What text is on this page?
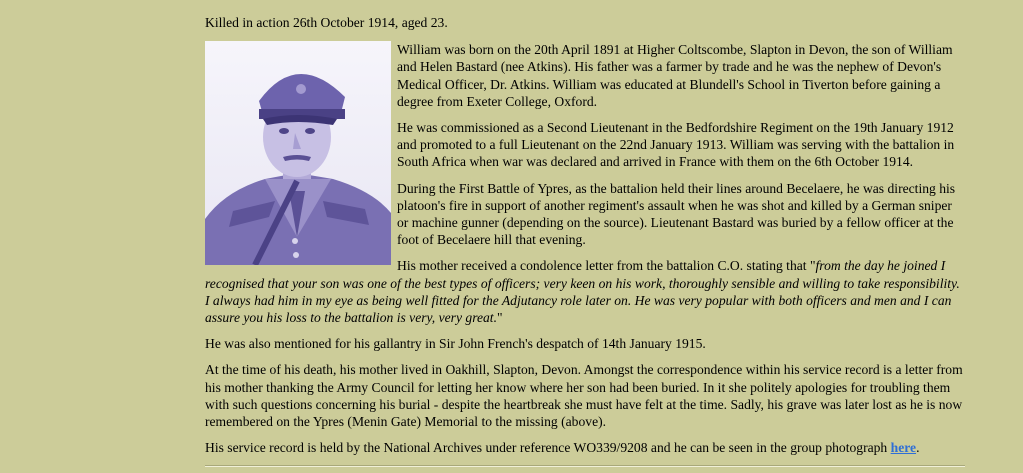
Killed in action 26th October 1914, aged 23.

William was born on the 20th April 1891 at Higher Coltscombe, Slapton in Devon, the son of William and Helen Bastard (nee Atkins). His father was a farmer by trade and he was the nephew of Devon's Medical Officer, Dr. Atkins. William was educated at Blundell's School in Tiverton before gaining a degree from Exeter College, Oxford.

He was commissioned as a Second Lieutenant in the Bedfordshire Regiment on the 19th January 1912 and promoted to a full Lieutenant on the 22nd January 1913. William was serving with the battalion in South Africa when war was declared and arrived in France with them on the 6th October 1914.

During the First Battle of Ypres, as the battalion held their lines around Becelaere, he was directing his platoon's fire in support of another regiment's assault when he was shot and killed by a German sniper or machine gunner (depending on the source). Lieutenant Bastard was buried by a fellow officer at the foot of Becelaere hill that evening.

His mother received a condolence letter from the battalion C.O. stating that "from the day he joined I recognised that your son was one of the best types of officers; very keen on his work, thoroughly sensible and willing to take responsibility. I always had him in my eye as being well fitted for the Adjutancy role later on. He was very popular with both officers and men and I can assure you his loss to the battalion is very, very great."

He was also mentioned for his gallantry in Sir John French's despatch of 14th January 1915.

At the time of his death, his mother lived in Oakhill, Slapton, Devon. Amongst the correspondence within his service record is a letter from his mother thanking the Army Council for letting her know where her son had been buried. In it she politely apologies for troubling them with such questions concerning his burial - despite the heartbreak she must have felt at the time. Sadly, his grave was later lost as he is now remembered on the Ypres (Menin Gate) Memorial to the missing (above).

His service record is held by the National Archives under reference WO339/9208 and he can be seen in the group photograph here.
